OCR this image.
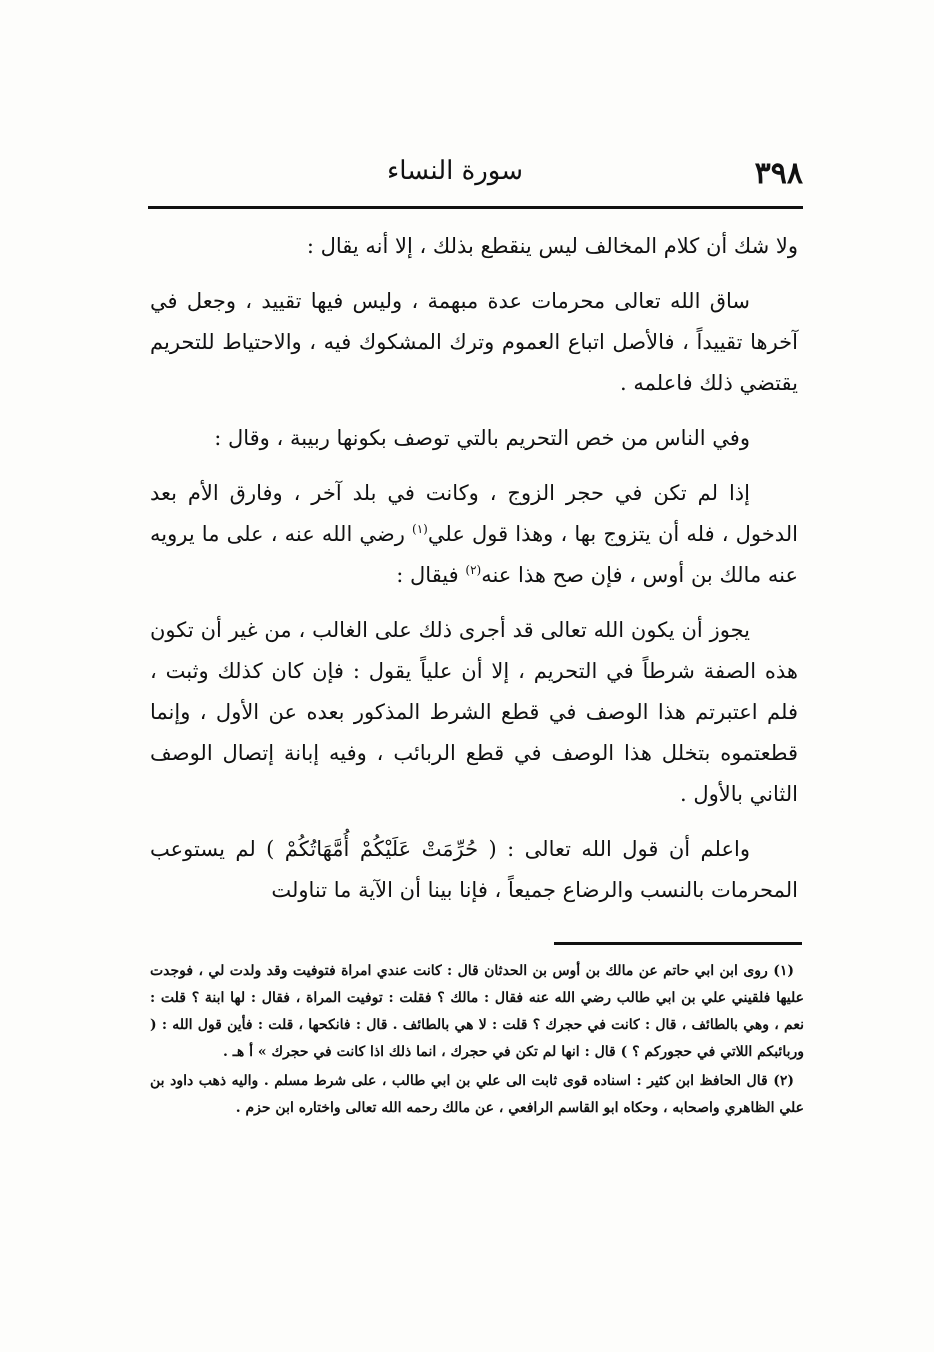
٣٩٨
سورة النساء

ولا شك أن كلام المخالف ليس ينقطع بذلك ، إلا أنه يقال :

ساق الله تعالى محرمات عدة مبهمة ، وليس فيها تقييد ، وجعل في آخرها تقييداً ، فالأصل اتباع العموم وترك المشكوك فيه ، والاحتياط للتحريم يقتضي ذلك فاعلمه .

وفي الناس من خص التحريم بالتي توصف بكونها ربيبة ، وقال :

إذا لم تكن في حجر الزوج ، وكانت في بلد آخر ، وفارق الأم بعد الدخول ، فله أن يتزوج بها ، وهذا قول علي$^{(١)}$ رضي الله عنه ، على ما يرويه عنه مالك بن أوس ، فإن صح هذا عنه$^{(٢)}$ فيقال :

يجوز أن يكون الله تعالى قد أجرى ذلك على الغالب ، من غير أن تكون هذه الصفة شرطاً في التحريم ، إلا أن علياً يقول : فإن كان كذلك وثبت ، فلم اعتبرتم هذا الوصف في قطع الشرط المذكور بعده عن الأول ، وإنما قطعتموه بتخلل هذا الوصف في قطع الربائب ، وفيه إبانة إتصال الوصف الثاني بالأول .

واعلم أن قول الله تعالى : ( حُرِّمَتْ عَلَيْكُمْ أُمَّهَاتُكُمْ ) لم يستوعب المحرمات بالنسب والرضاع جميعاً ، فإنا بينا أن الآية ما تناولت

(١) روى ابن ابي حاتم عن مالك بن أوس بن الحدثان قال : كانت عندي امراة فتوفيت وقد ولدت لي ، فوجدت عليها فلقيني علي بن ابي طالب رضي الله عنه فقال : مالك ؟ فقلت : توفيت المراة ، فقال : لها ابنة ؟ قلت : نعم ، وهي بالطائف ، قال : كانت في حجرك ؟ قلت : لا هي بالطائف . قال : فانكحها ، قلت : فأين قول الله : ( وربائبكم اللاتي في حجوركم ؟ ) قال : انها لم تكن في حجرك ، انما ذلك اذا كانت في حجرك » أ هـ .

(٢) قال الحافظ ابن كثير : اسناده قوى ثابت الى علي بن ابي طالب ، على شرط مسلم . واليه ذهب داود بن علي الظاهري واصحابه ، وحكاه ابو القاسم الرافعي ، عن مالك رحمه الله تعالى واختاره ابن حزم .
